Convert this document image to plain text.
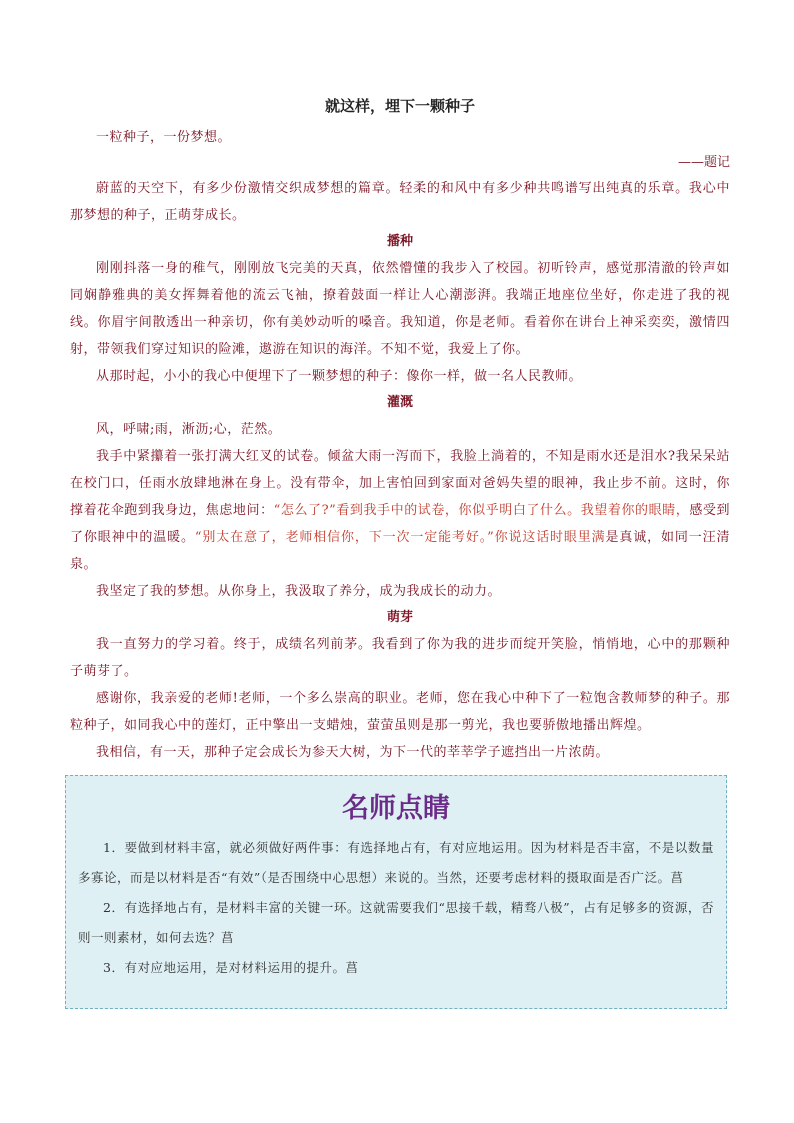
就这样，埋下一颗种子

一粒种子，一份梦想。

——题记

蔚蓝的天空下，有多少份激情交织成梦想的篇章。轻柔的和风中有多少种共鸣谱写出纯真的乐章。我心中那梦想的种子，正萌芽成长。

播种

刚刚抖落一身的稚气，刚刚放飞完美的天真，依然懵懂的我步入了校园。初听铃声，感觉那清澈的铃声如同娴静雅典的美女挥舞着他的流云飞袖，撩着鼓面一样让人心潮澎湃。我端正地座位坐好，你走进了我的视线。你眉宇间散透出一种亲切，你有美妙动听的嗓音。我知道，你是老师。看着你在讲台上神采奕奕，激情四射，带领我们穿过知识的险滩，遨游在知识的海洋。不知不觉，我爱上了你。

从那时起，小小的我心中便埋下了一颗梦想的种子：像你一样，做一名人民教师。

灌溉

风，呼啸;雨，淅沥;心，茫然。

我手中紧攥着一张打满大红叉的试卷。倾盆大雨一泻而下，我脸上淌着的，不知是雨水还是泪水?我呆呆站在校门口，任雨水放肆地淋在身上。没有带伞，加上害怕回到家面对爸妈失望的眼神，我止步不前。这时，你撑着花伞跑到我身边，焦虑地问：“怎么了?”看到我手中的试卷，你似乎明白了什么。我望着你的眼睛，感受到了你眼神中的温暖。“别太在意了，老师相信你，下一次一定能考好。”你说这话时眼里满是真诚，如同一汪清泉。

我坚定了我的梦想。从你身上，我汲取了养分，成为我成长的动力。

萌芽

我一直努力的学习着。终于，成绩名列前茅。我看到了你为我的进步而绽开笑脸，悄悄地，心中的那颗种子萌芽了。

感谢你，我亲爱的老师!老师，一个多么崇高的职业。老师，您在我心中种下了一粒饱含教师梦的种子。那粒种子，如同我心中的莲灯，正中擎出一支蜡烛，萤萤虽则是那一剪光，我也要骄傲地播出辉煌。

我相信，有一天，那种子定会成长为参天大树，为下一代的莘莘学子遮挡出一片浓荫。

名师点睛

1．要做到材料丰富，就必须做好两件事：有选择地占有，有对应地运用。因为材料是否丰富，不是以数量多寡论，而是以材料是否“有效”（是否围绕中心思想）来说的。当然，还要考虑材料的摄取面是否广泛。菖

2．有选择地占有，是材料丰富的关键一环。这就需要我们“思接千载，精骛八极”，占有足够多的资源，否则一则素材，如何去选？菖

3．有对应地运用，是对材料运用的提升。菖
